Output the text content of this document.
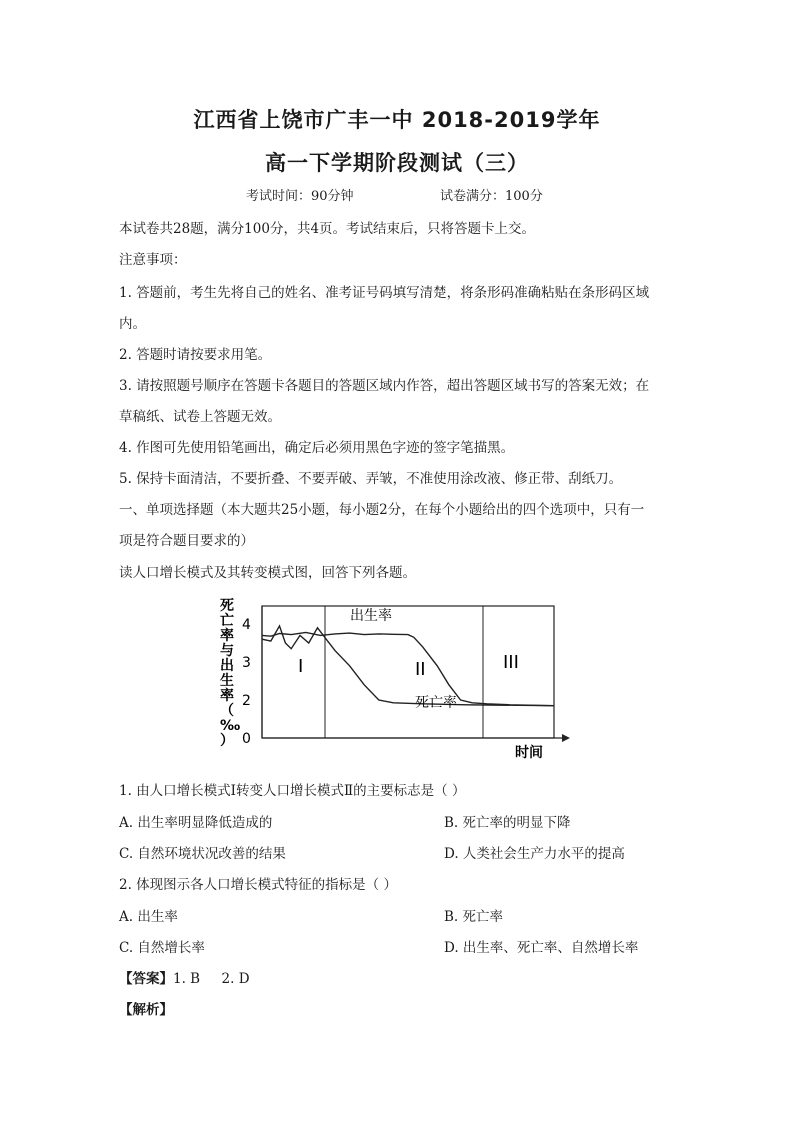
江西省上饶市广丰一中 2018-2019学年
高一下学期阶段测试（三）
考试时间：90分钟	试卷满分：100分
本试卷共28题，满分100分，共4页。考试结束后，只将答题卡上交。
注意事项：
1. 答题前，考生先将自己的姓名、准考证号码填写清楚，将条形码准确粘贴在条形码区域
内。
2. 答题时请按要求用笔。
3. 请按照题号顺序在答题卡各题目的答题区域内作答，超出答题区域书写的答案无效；在
草稿纸、试卷上答题无效。
4. 作图可先使用铅笔画出，确定后必须用黑色字迹的签字笔描黑。
5. 保持卡面清洁，不要折叠、不要弄破、弄皱，不准使用涂改液、修正带、刮纸刀。
一、单项选择题（本大题共25小题，每小题2分，在每个小题给出的四个选项中，只有一
项是符合题目要求的）
读人口增长模式及其转变模式图，回答下列各题。
死
亡
率
与
出
生
率
（
‰
） 0
2
3
4
I	II	III
出生率
死亡率
时间
1. 由人口增长模式Ⅰ转变人口增长模式Ⅱ的主要标志是（ ）
A. 出生率明显降低造成的	B. 死亡率的明显下降
C. 自然环境状况改善的结果	D. 人类社会生产力水平的提高
2. 体现图示各人口增长模式特征的指标是（ ）
A. 出生率	B. 死亡率
C. 自然增长率	D. 出生率、死亡率、自然增长率
【答案】1. B     2. D
【解析】
